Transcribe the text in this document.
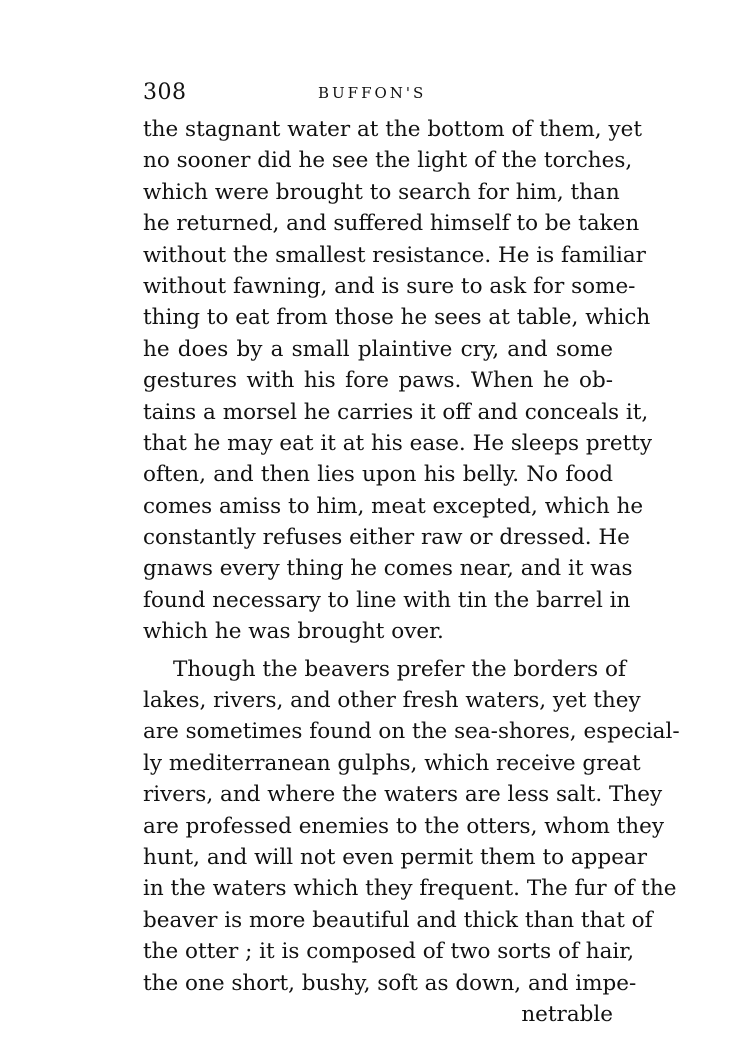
308	BUFFON'S
the stagnant water at the bottom of them, yet
no sooner did he see the light of the torches,
which were brought to search for him, than
he returned, and suffered himself to be taken
without the smallest resistance. He is familiar
without fawning, and is sure to ask for some-
thing to eat from those he sees at table, which
he does by a small plaintive cry, and some
gestures with his fore paws. When he ob-
tains a morsel he carries it off and conceals it,
that he may eat it at his ease. He sleeps pretty
often, and then lies upon his belly. No food
comes amiss to him, meat excepted, which he
constantly refuses either raw or dressed. He
gnaws every thing he comes near, and it was
found necessary to line with tin the barrel in
which he was brought over.
Though the beavers prefer the borders of
lakes, rivers, and other fresh waters, yet they
are sometimes found on the sea-shores, especial-
ly mediterranean gulphs, which receive great
rivers, and where the waters are less salt. They
are professed enemies to the otters, whom they
hunt, and will not even permit them to appear
in the waters which they frequent. The fur of the
beaver is more beautiful and thick than that of
the otter ; it is composed of two sorts of hair,
the one short, bushy, soft as down, and impe-
netrable
